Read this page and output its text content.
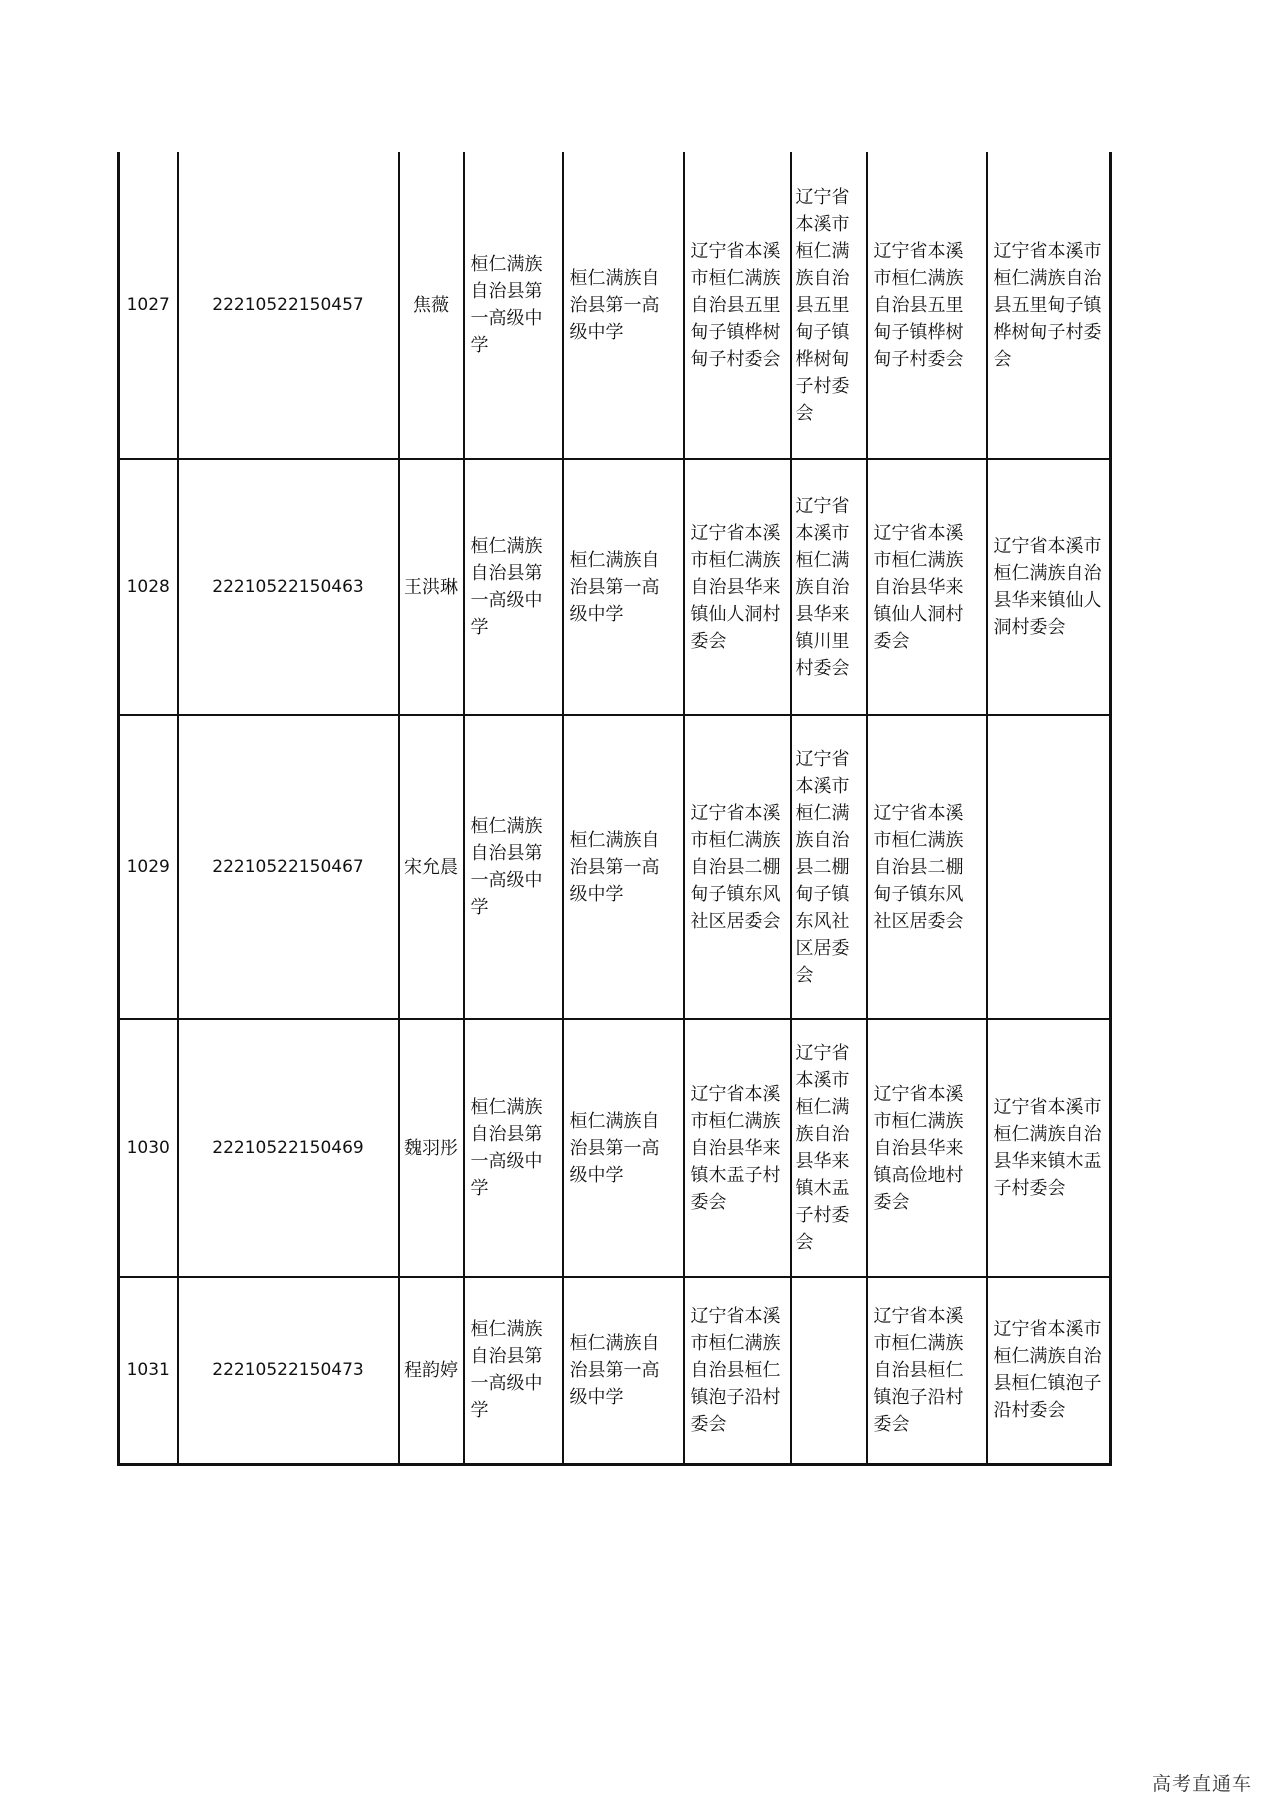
1027	22210522150457	焦薇	桓仁满族自治县第一高级中学	桓仁满族自治县第一高级中学	辽宁省本溪市桓仁满族自治县五里甸子镇桦树甸子村委会	辽宁省本溪市桓仁满族自治县五里甸子镇桦树甸子村委会	辽宁省本溪市桓仁满族自治县五里甸子镇桦树甸子村委会	辽宁省本溪市桓仁满族自治县五里甸子镇桦树甸子村委会
1028	22210522150463	王洪琳	桓仁满族自治县第一高级中学	桓仁满族自治县第一高级中学	辽宁省本溪市桓仁满族自治县华来镇仙人洞村委会	辽宁省本溪市桓仁满族自治县华来镇川里村委会	辽宁省本溪市桓仁满族自治县华来镇仙人洞村委会	辽宁省本溪市桓仁满族自治县华来镇仙人洞村委会
1029	22210522150467	宋允晨	桓仁满族自治县第一高级中学	桓仁满族自治县第一高级中学	辽宁省本溪市桓仁满族自治县二棚甸子镇东风社区居委会	辽宁省本溪市桓仁满族自治县二棚甸子镇东风社区居委会	辽宁省本溪市桓仁满族自治县二棚甸子镇东风社区居委会	
1030	22210522150469	魏羽彤	桓仁满族自治县第一高级中学	桓仁满族自治县第一高级中学	辽宁省本溪市桓仁满族自治县华来镇木盂子村委会	辽宁省本溪市桓仁满族自治县华来镇木盂子村委会	辽宁省本溪市桓仁满族自治县华来镇高俭地村委会	辽宁省本溪市桓仁满族自治县华来镇木盂子村委会
1031	22210522150473	程韵婷	桓仁满族自治县第一高级中学	桓仁满族自治县第一高级中学	辽宁省本溪市桓仁满族自治县桓仁镇泡子沿村委会		辽宁省本溪市桓仁满族自治县桓仁镇泡子沿村委会	辽宁省本溪市桓仁满族自治县桓仁镇泡子沿村委会
高考直通车
